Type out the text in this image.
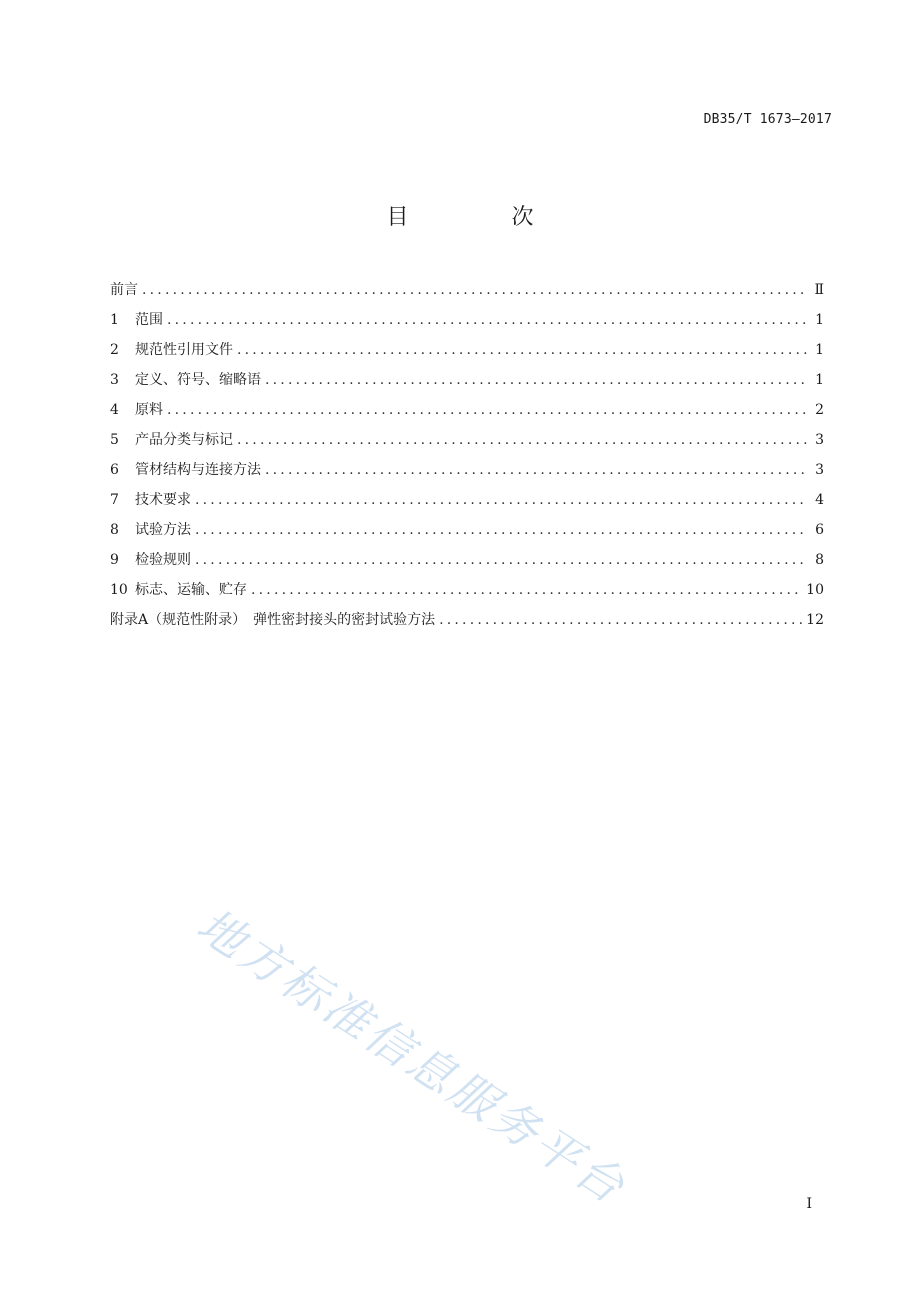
DB35/T 1673—2017
目 次
前言 .....	Ⅱ
1	范围 .....	1
2	规范性引用文件 .....	1
3	定义、符号、缩略语 .....	1
4	原料 .....	2
5	产品分类与标记 .....	3
6	管材结构与连接方法 .....	3
7	技术要求 .....	4
8	试验方法 .....	6
9	检验规则 .....	8
10 标志、运输、贮存 .....	10
附录A（规范性附录）　弹性密封接头的密封试验方法 .....	12
地方标准信息服务平台	I
